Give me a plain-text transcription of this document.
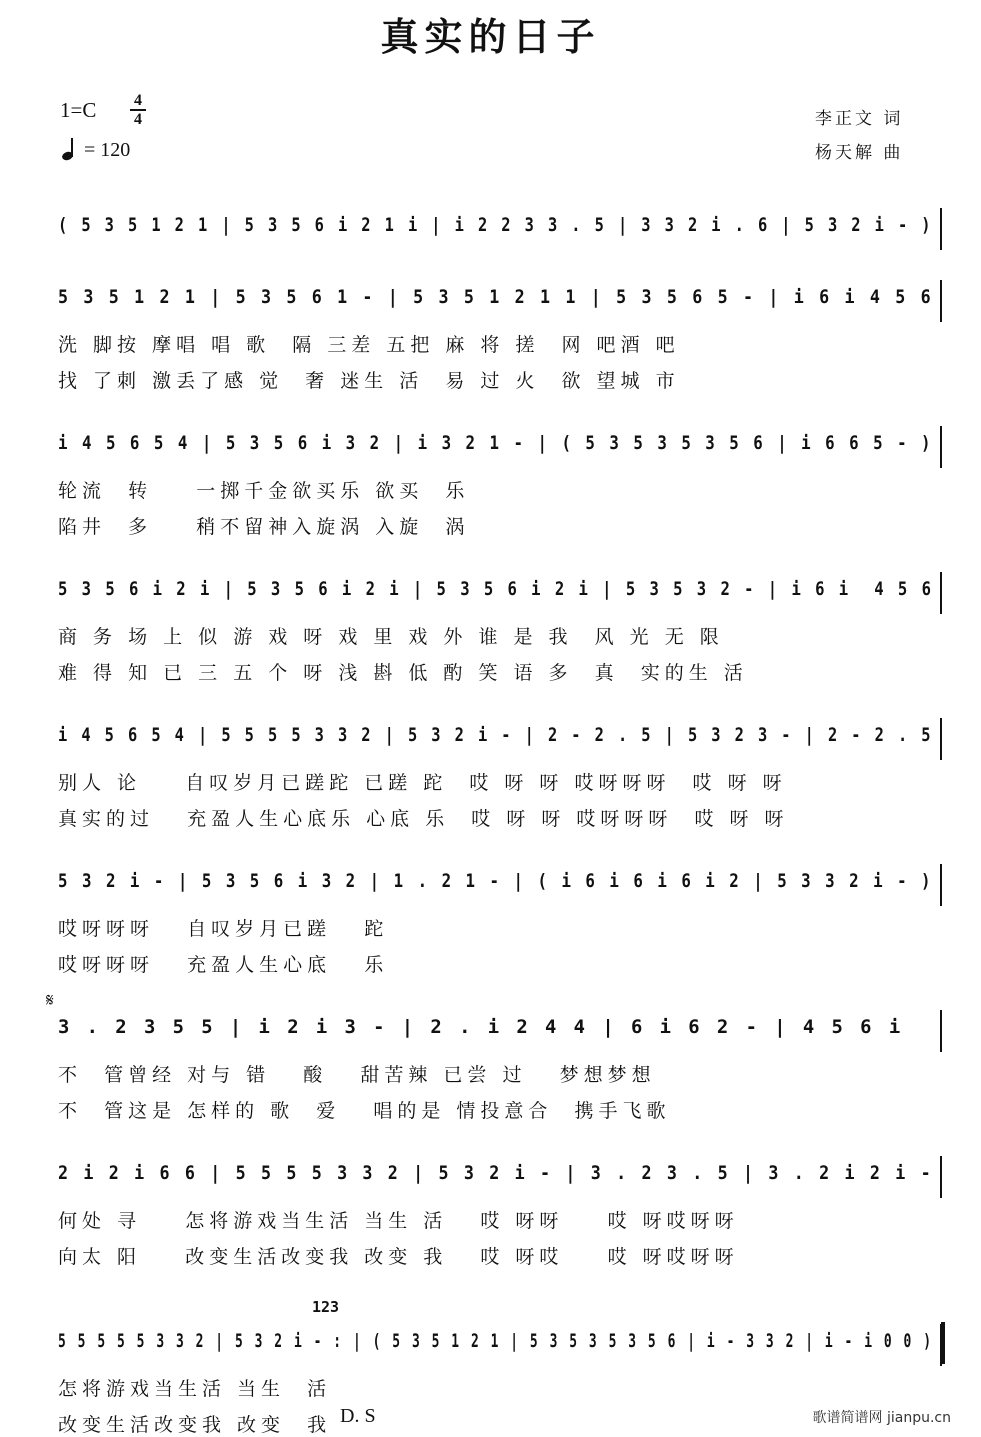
真实的日子
1=C 4
4
= 120
李正文 词
杨天解 曲
( 5 3 5 1 2 1 | 5 3 5 6 i 2 1 i | i 2 2 3 3 . 5 | 3 3 2 i . 6 | 5 3 2 i - )
5 3 5 1 2 1 | 5 3 5 6 1 - | 5 3 5 1 2 1 1 | 5 3 5 6 5 - | i 6 i 4 5 6
洗 脚按 摩唱 唱 歌  隔 三差 五把 麻 将 搓  网 吧酒 吧
找 了刺 激丢了感 觉  奢 迷生 活  易 过 火  欲 望城 市
i 4 5 6 5 4 | 5 3 5 6 i 3 2 | i 3 2 1 - | ( 5 3 5 3 5 3 5 6 | i 6 6 5 - )
轮流  转    一掷千金欲买乐 欲买  乐
陷井  多    稍不留神入旋涡 入旋  涡
5 3 5 6 i 2 i | 5 3 5 6 i 2 i | 5 3 5 6 i 2 i | 5 3 5 3 2 - | i 6 i  4 5 6
商 务 场 上 似 游 戏 呀 戏 里 戏 外 谁 是 我  风 光 无 限
难 得 知 已 三 五 个 呀 浅 斟 低 酌 笑 语 多  真  实的生 活
i 4 5 6 5 4 | 5 5 5 5 3 3 2 | 5 3 2 i - | 2 - 2 . 5 | 5 3 2 3 - | 2 - 2 . 5
别人 论    自叹岁月已蹉跎 已蹉 跎  哎 呀 呀 哎呀呀呀  哎 呀 呀
真实的过   充盈人生心底乐 心底 乐  哎 呀 呀 哎呀呀呀  哎 呀 呀
5 3 2 i - | 5 3 5 6 i 3 2 | 1 . 2 1 - | ( i 6 i 6 i 6 i 2 | 5 3 3 2 i - )
哎呀呀呀   自叹岁月已蹉   跎
哎呀呀呀   充盈人生心底   乐
3 . 2 3 5 5 | i 2 i 3 - | 2 . i 2 4 4 | 6 i 6 2 - | 4 5 6 i
不  管曾经 对与 错   酸   甜苦辣 已尝 过   梦想梦想
不  管这是 怎样的 歌  爱   唱的是 情投意合  携手飞歌
2 i 2 i 6 6 | 5 5 5 5 3 3 2 | 5 3 2 i - | 3 . 2 3 . 5 | 3 . 2 i 2 i -
何处 寻    怎将游戏当生活 当生 活   哎 呀呀    哎 呀哎呀呀
向太 阳    改变生活改变我 改变 我   哎 呀哎    哎 呀哎呀呀
5 5 5 5 5 3 3 2 | 5 3 2 i - : | ( 5 3 5 1 2 1 | 5 3 5 3 5 3 5 6 | i - 3 3 2 | i - i 0 0 )
怎将游戏当生活 当生  活
改变生活改变我 改变  我
𝄋
D. S	歌谱简谱网 jianpu.cn
123
